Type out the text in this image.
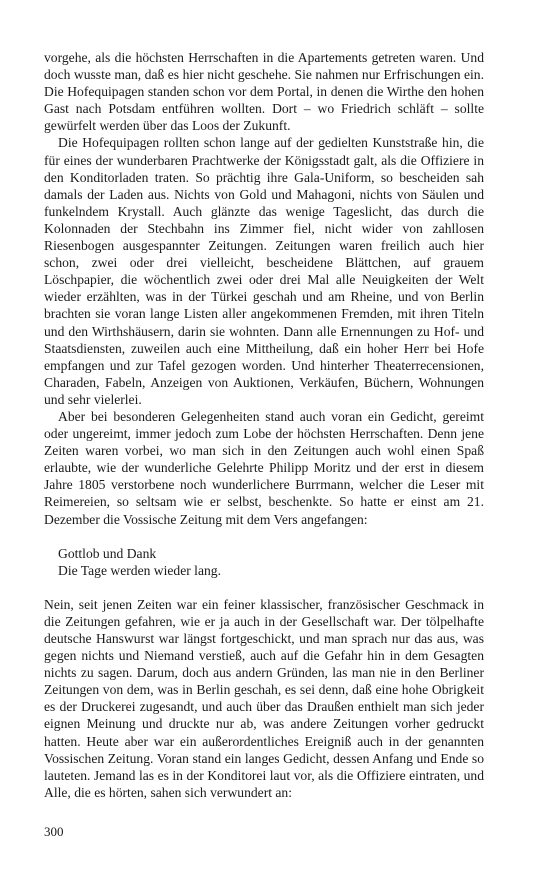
vorgehe, als die höchsten Herrschaften in die Apartements getreten waren. Und doch wusste man, daß es hier nicht geschehe. Sie nahmen nur Erfrischungen ein. Die Hofequipagen standen schon vor dem Portal, in denen die Wirthe den hohen Gast nach Potsdam entführen wollten. Dort – wo Friedrich schläft – sollte gewürfelt werden über das Loos der Zukunft.

Die Hofequipagen rollten schon lange auf der gedielten Kunststraße hin, die für eines der wunderbaren Prachtwerke der Königsstadt galt, als die Offiziere in den Konditorladen traten. So prächtig ihre Gala-Uniform, so bescheiden sah damals der Laden aus. Nichts von Gold und Mahagoni, nichts von Säulen und funkelndem Krystall. Auch glänzte das wenige Tageslicht, das durch die Kolonnaden der Stechbahn ins Zimmer fiel, nicht wider von zahllosen Riesenbogen ausgespannter Zeitungen. Zeitungen waren freilich auch hier schon, zwei oder drei vielleicht, bescheidene Blättchen, auf grauem Löschpapier, die wöchentlich zwei oder drei Mal alle Neuigkeiten der Welt wieder erzählten, was in der Türkei geschah und am Rheine, und von Berlin brachten sie voran lange Listen aller angekommenen Fremden, mit ihren Titeln und den Wirthshäusern, darin sie wohnten. Dann alle Ernennungen zu Hof- und Staatsdiensten, zuweilen auch eine Mittheilung, daß ein hoher Herr bei Hofe empfangen und zur Tafel gezogen worden. Und hinterher Theaterrecensionen, Charaden, Fabeln, Anzeigen von Auktionen, Verkäufen, Büchern, Wohnungen und sehr vielerlei.

Aber bei besonderen Gelegenheiten stand auch voran ein Gedicht, gereimt oder ungereimt, immer jedoch zum Lobe der höchsten Herrschaften. Denn jene Zeiten waren vorbei, wo man sich in den Zeitungen auch wohl einen Spaß erlaubte, wie der wunderliche Gelehrte Philipp Moritz und der erst in diesem Jahre 1805 verstorbene noch wunderlichere Burrmann, welcher die Leser mit Reimereien, so seltsam wie er selbst, beschenkte. So hatte er einst am 21. Dezember die Vossische Zeitung mit dem Vers angefangen:

Gottlob und Dank
Die Tage werden wieder lang.

Nein, seit jenen Zeiten war ein feiner klassischer, französischer Geschmack in die Zeitungen gefahren, wie er ja auch in der Gesellschaft war. Der tölpelhafte deutsche Hanswurst war längst fortgeschickt, und man sprach nur das aus, was gegen nichts und Niemand verstieß, auch auf die Gefahr hin in dem Gesagten nichts zu sagen. Darum, doch aus andern Gründen, las man nie in den Berliner Zeitungen von dem, was in Berlin geschah, es sei denn, daß eine hohe Obrigkeit es der Druckerei zugesandt, und auch über das Draußen enthielt man sich jeder eignen Meinung und druckte nur ab, was andere Zeitungen vorher gedruckt hatten. Heute aber war ein außerordentliches Ereigniß auch in der genannten Vossischen Zeitung. Voran stand ein langes Gedicht, dessen Anfang und Ende so lauteten. Jemand las es in der Konditorei laut vor, als die Offiziere eintraten, und Alle, die es hörten, sahen sich verwundert an:

300
